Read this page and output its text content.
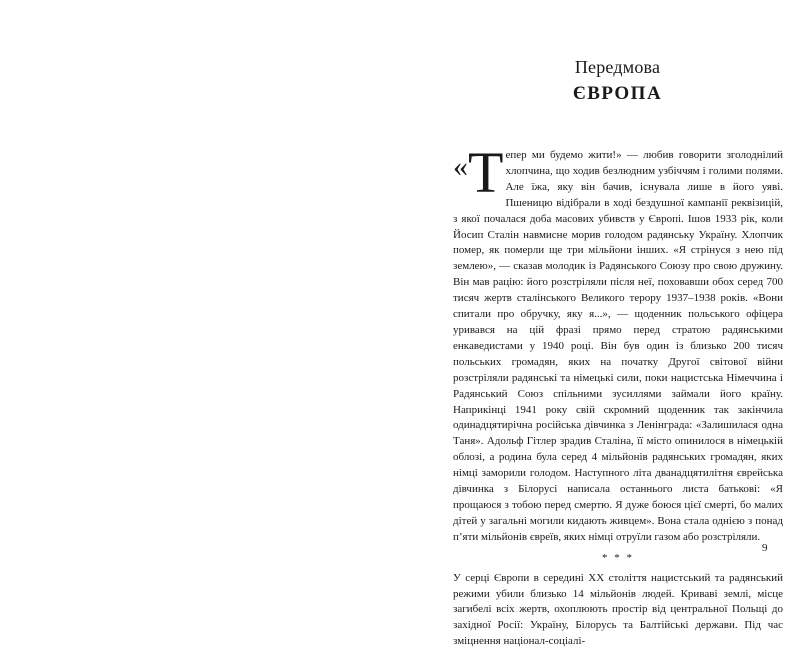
Передмова
ЄВРОПА

« Т епер ми будемо жити!» — любив говорити зголоднілий хлопчина, що ходив безлюдним узбіччям і голими полями. Але їжа, яку він бачив, існувала лише в його уяві. Пшеницю відібрали в ході бездушної кампанії реквізицій, з якої почалася доба масових убивств у Європі. Ішов 1933 рік, коли Йосип Сталін навмисне морив голодом радянську Україну. Хлопчик помер, як померли ще три мільйони інших. «Я стрінуся з нею під землею», — сказав молодик із Радянського Союзу про свою дружину. Він мав рацію: його розстріляли після неї, поховавши обох серед 700 тисяч жертв сталінського Великого терору 1937–1938 років. «Вони спитали про обручку, яку я...», — щоденник польського офіцера уривався на цій фразі прямо перед стратою радянськими енкаведистами у 1940 році. Він був один із близько 200 тисяч польських громадян, яких на початку Другої світової війни розстріляли радянські та німецькі сили, поки нацистська Німеччина і Радянський Союз спільними зусиллями займали його країну. Наприкінці 1941 року свій скромний щоденник так закінчила одинадцятирічна російська дівчинка з Ленінграда: «Залишилася одна Таня». Адольф Гітлер зрадив Сталіна, її місто опинилося в німецькій облозі, а родина була серед 4 мільйонів радянських громадян, яких німці заморили голодом. Наступного літа дванадцятилітня єврейська дівчинка з Білорусі написала останнього листа батькові: «Я прощаюся з тобою перед смертю. Я дуже боюся цієї смерті, бо малих дітей у загальні могили кидають живцем». Вона стала однією з понад п’яти мільйонів євреїв, яких німці отруїли газом або розстріляли.

* * *

У серці Європи в середині XX століття нацистський та радянський режими убили близько 14 мільйонів людей. Криваві землі, місце загибелі всіх жертв, охоплюють простір від центральної Польщі до західної Росії: Україну, Білорусь та Балтійські держави. Під час зміцнення націонал-соціалі-

9
